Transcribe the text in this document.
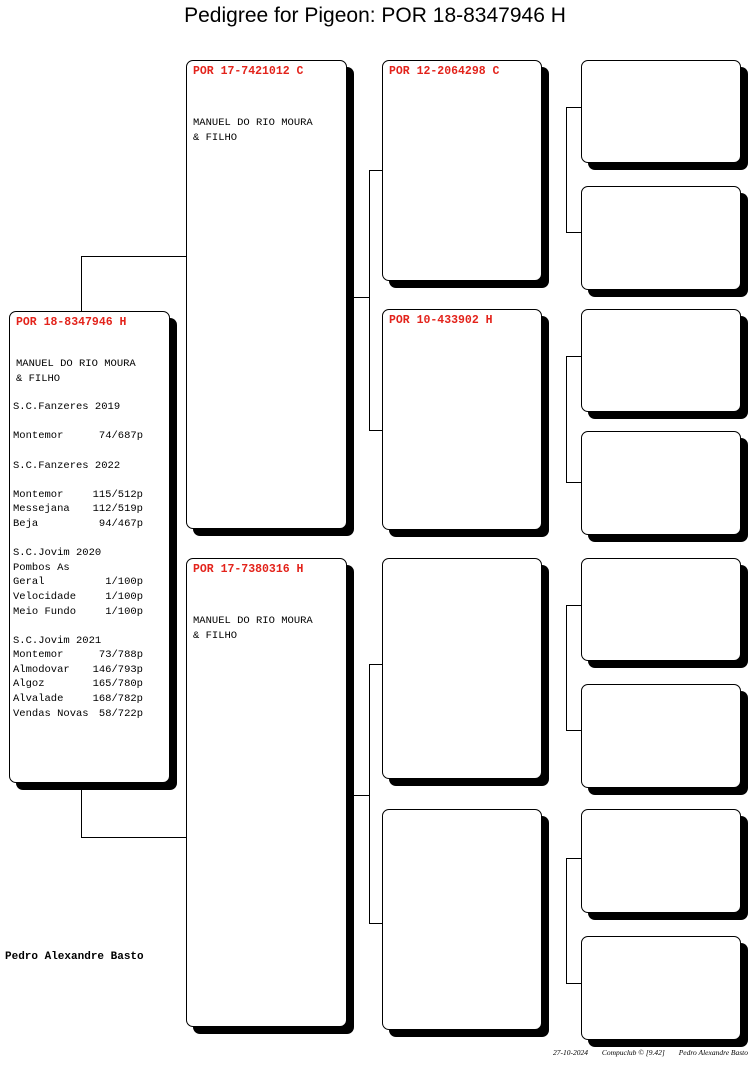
Pedigree for Pigeon: POR 18-8347946 H
POR 18-8347946 H
MANUEL DO RIO MOURA
& FILHO
S.C.Fanzeres 2019
Montemor	74/687p
S.C.Fanzeres 2022
Montemor	115/512p
Messejana 112/519p
Beja	94/467p
S.C.Jovim 2020
Pombos As
Geral	1/100p
Velocidade	1/100p
Meio Fundo	1/100p
S.C.Jovim 2021
Montemor	73/788p
Almodovar 146/793p
Algoz	165/780p
Alvalade	168/782p
Vendas Novas 58/722p
POR 17-7421012 C
MANUEL DO RIO MOURA
& FILHO
POR 17-7380316 H
MANUEL DO RIO MOURA
& FILHO
POR 12-2064298 C
POR 10-433902 H
Pedro Alexandre Basto
27-10-2024 Compuclub © [9.42] Pedro Alexandre Basto
